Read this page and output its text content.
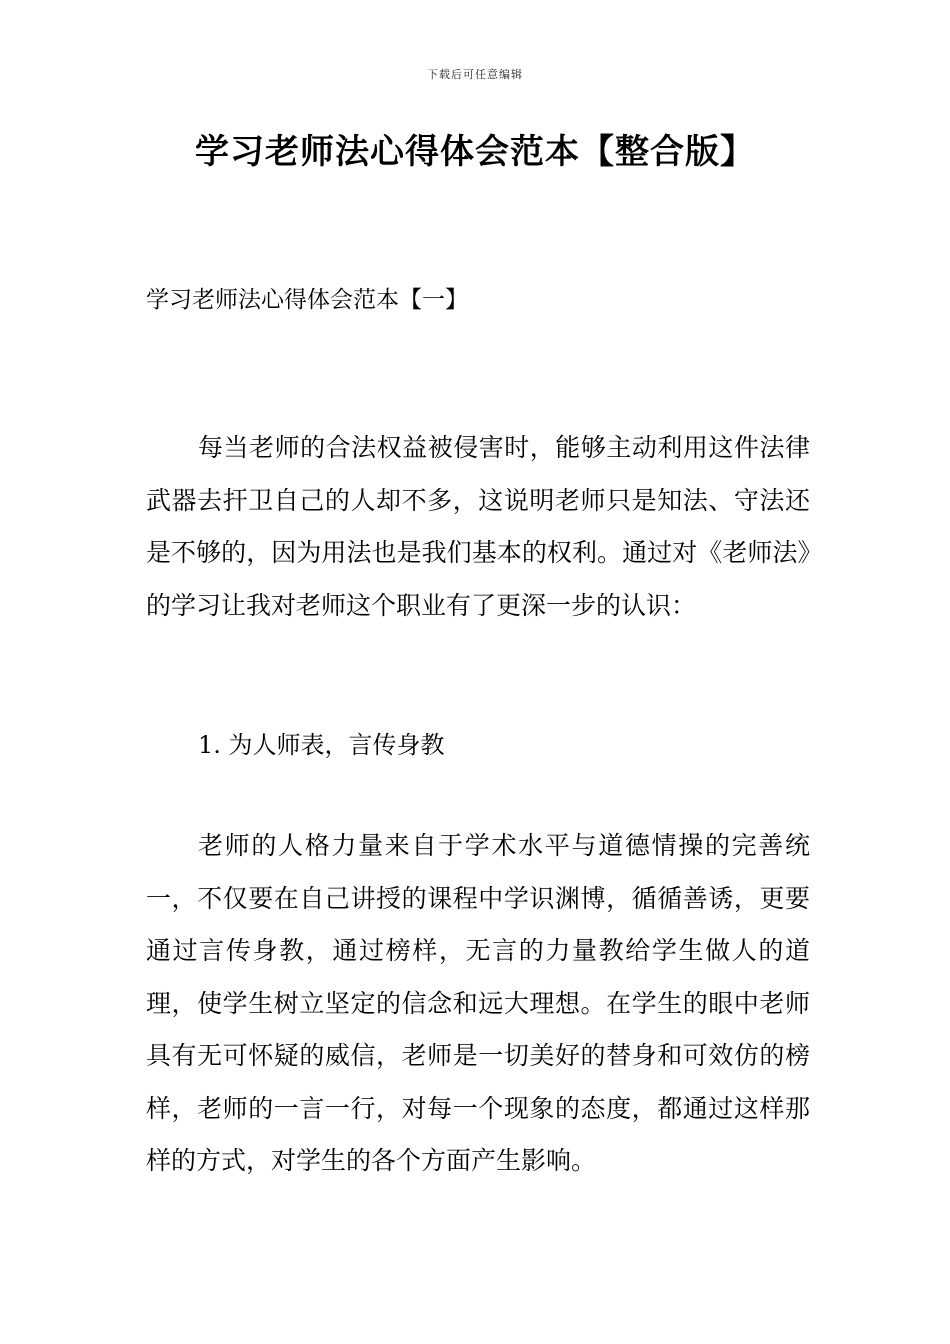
下载后可任意编辑
学习老师法心得体会范本【整合版】

学习老师法心得体会范本【一】

每当老师的合法权益被侵害时，能够主动利用这件法律武器去扞卫自己的人却不多，这说明老师只是知法、守法还是不够的，因为用法也是我们基本的权利。通过对《老师法》的学习让我对老师这个职业有了更深一步的认识：

1. 为人师表，言传身教

老师的人格力量来自于学术水平与道德情操的完善统一，不仅要在自己讲授的课程中学识渊博，循循善诱，更要通过言传身教，通过榜样，无言的力量教给学生做人的道理，使学生树立坚定的信念和远大理想。在学生的眼中老师具有无可怀疑的威信，老师是一切美好的替身和可效仿的榜样，老师的一言一行，对每一个现象的态度，都通过这样那样的方式，对学生的各个方面产生影响。
